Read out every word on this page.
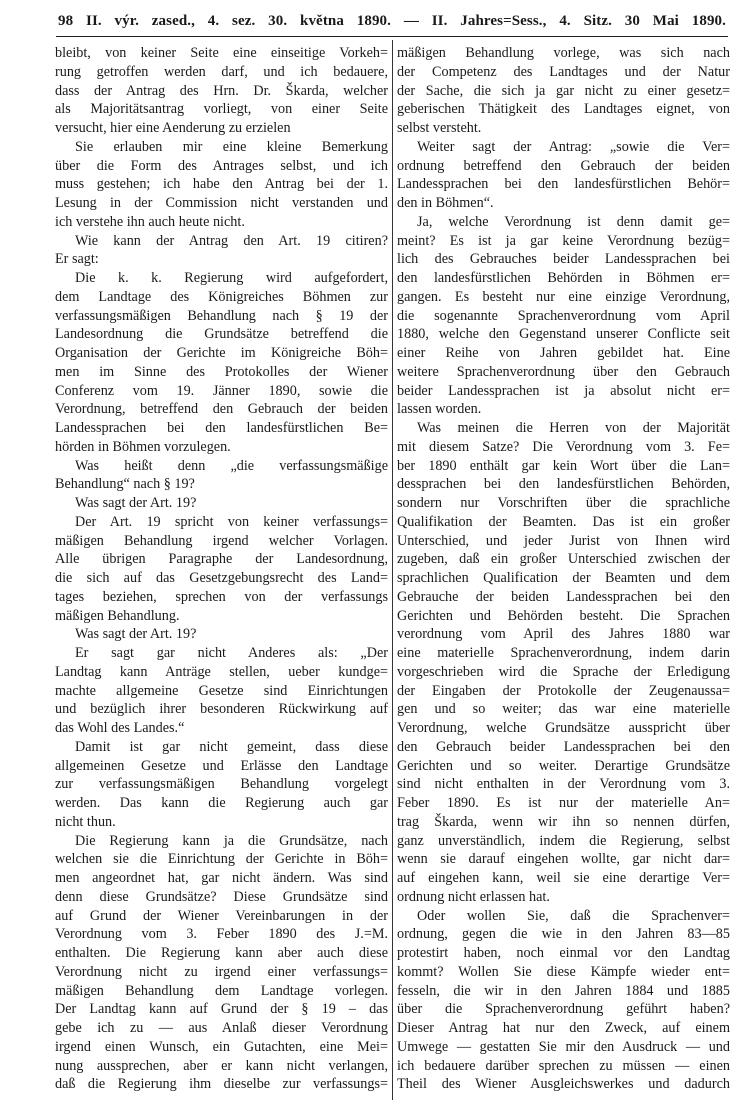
98 II. výr. zased., 4. sez. 30. května 1890. — II. Jahres=Sess., 4. Sitz. 30 Mai 1890.
bleibt, von keiner Seite eine einseitige Vorkeh=
rung getroffen werden darf, und ich bedauere,
dass der Antrag des Hrn. Dr. Škarda, welcher
als Majoritätsantrag vorliegt, von einer Seite
versucht, hier eine Aenderung zu erzielen
Sie erlauben mir eine kleine Bemerkung
über die Form des Antrages selbst, und ich
muss gestehen; ich habe den Antrag bei der 1.
Lesung in der Commission nicht verstanden und
ich verstehe ihn auch heute nicht.
Wie kann der Antrag den Art. 19 citiren?
Er sagt:
Die k. k. Regierung wird aufgefordert,
dem Landtage des Königreiches Böhmen zur
verfassungsmäßigen Behandlung nach § 19 der
Landesordnung die Grundsätze betreffend die
Organisation der Gerichte im Königreiche Böh=
men im Sinne des Protokolles der Wiener
Conferenz vom 19. Jänner 1890, sowie die
Verordnung, betreffend den Gebrauch der beiden
Landessprachen bei den landesfürstlichen Be=
hörden in Böhmen vorzulegen.
Was heißt denn „die verfassungsmäßige
Behandlung“ nach § 19?
Was sagt der Art. 19?
Der Art. 19 spricht von keiner verfassungs=
mäßigen Behandlung irgend welcher Vorlagen.
Alle übrigen Paragraphe der Landesordnung,
die sich auf das Gesetzgebungsrecht des Land=
tages beziehen, sprechen von der verfassungs
mäßigen Behandlung.
Was sagt der Art. 19?
Er sagt gar nicht Anderes als: „Der
Landtag kann Anträge stellen, ueber kundge=
machte allgemeine Gesetze sind Einrichtungen
und bezüglich ihrer besonderen Rückwirkung auf
das Wohl des Landes.“
Damit ist gar nicht gemeint, dass diese
allgemeinen Gesetze und Erlässe den Landtage
zur verfassungsmäßigen Behandlung vorgelegt
werden. Das kann die Regierung auch gar
nicht thun.
Die Regierung kann ja die Grundsätze, nach
welchen sie die Einrichtung der Gerichte in Böh=
men angeordnet hat, gar nicht ändern. Was sind
denn diese Grundsätze? Diese Grundsätze sind
auf Grund der Wiener Vereinbarungen in der
Verordnung vom 3. Feber 1890 des J.=M.
enthalten. Die Regierung kann aber auch diese
Verordnung nicht zu irgend einer verfassungs=
mäßigen Behandlung dem Landtage vorlegen.
Der Landtag kann auf Grund der § 19 – das
gebe ich zu — aus Anlaß dieser Verordnung
irgend einen Wunsch, ein Gutachten, eine Mei=
nung aussprechen, aber er kann nicht verlangen,
daß die Regierung ihm dieselbe zur verfassungs=
mäßigen Behandlung vorlege, was sich nach
der Competenz des Landtages und der Natur
der Sache, die sich ja gar nicht zu einer gesetz=
geberischen Thätigkeit des Landtages eignet, von
selbst versteht.
Weiter sagt der Antrag: „sowie die Ver=
ordnung betreffend den Gebrauch der beiden
Landessprachen bei den landesfürstlichen Behör=
den in Böhmen“.
Ja, welche Verordnung ist denn damit ge=
meint? Es ist ja gar keine Verordnung bezüg=
lich des Gebrauches beider Landessprachen bei
den landesfürstlichen Behörden in Böhmen er=
gangen. Es besteht nur eine einzige Verordnung,
die sogenannte Sprachenverordnung vom April
1880, welche den Gegenstand unserer Conflicte seit
einer Reihe von Jahren gebildet hat. Eine
weitere Sprachenverordnung über den Gebrauch
beider Landessprachen ist ja absolut nicht er=
lassen worden.
Was meinen die Herren von der Majorität
mit diesem Satze? Die Verordnung vom 3. Fe=
ber 1890 enthält gar kein Wort über die Lan=
dessprachen bei den landesfürstlichen Behörden,
sondern nur Vorschriften über die sprachliche
Qualifikation der Beamten. Das ist ein großer
Unterschied, und jeder Jurist von Ihnen wird
zugeben, daß ein großer Unterschied zwischen der
sprachlichen Qualification der Beamten und dem
Gebrauche der beiden Landessprachen bei den
Gerichten und Behörden besteht. Die Sprachen
verordnung vom April des Jahres 1880 war
eine materielle Sprachenverordnung, indem darin
vorgeschrieben wird die Sprache der Erledigung
der Eingaben der Protokolle der Zeugenaussa=
gen und so weiter; das war eine materielle
Verordnung, welche Grundsätze ausspricht über
den Gebrauch beider Landessprachen bei den
Gerichten und so weiter. Derartige Grundsätze
sind nicht enthalten in der Verordnung vom 3.
Feber 1890. Es ist nur der materielle An=
trag Škarda, wenn wir ihn so nennen dürfen,
ganz unverständlich, indem die Regierung, selbst
wenn sie darauf eingehen wollte, gar nicht dar=
auf eingehen kann, weil sie eine derartige Ver=
ordnung nicht erlassen hat.
Oder wollen Sie, daß die Sprachenver=
ordnung, gegen die wie in den Jahren 83—85
protestirt haben, noch einmal vor den Landtag
kommt? Wollen Sie diese Kämpfe wieder ent=
fesseln, die wir in den Jahren 1884 und 1885
über die Sprachenverordnung geführt haben?
Dieser Antrag hat nur den Zweck, auf einem
Umwege — gestatten Sie mir den Ausdruck — und
ich bedauere darüber sprechen zu müssen — einen
Theil des Wiener Ausgleichswerkes und dadurch
